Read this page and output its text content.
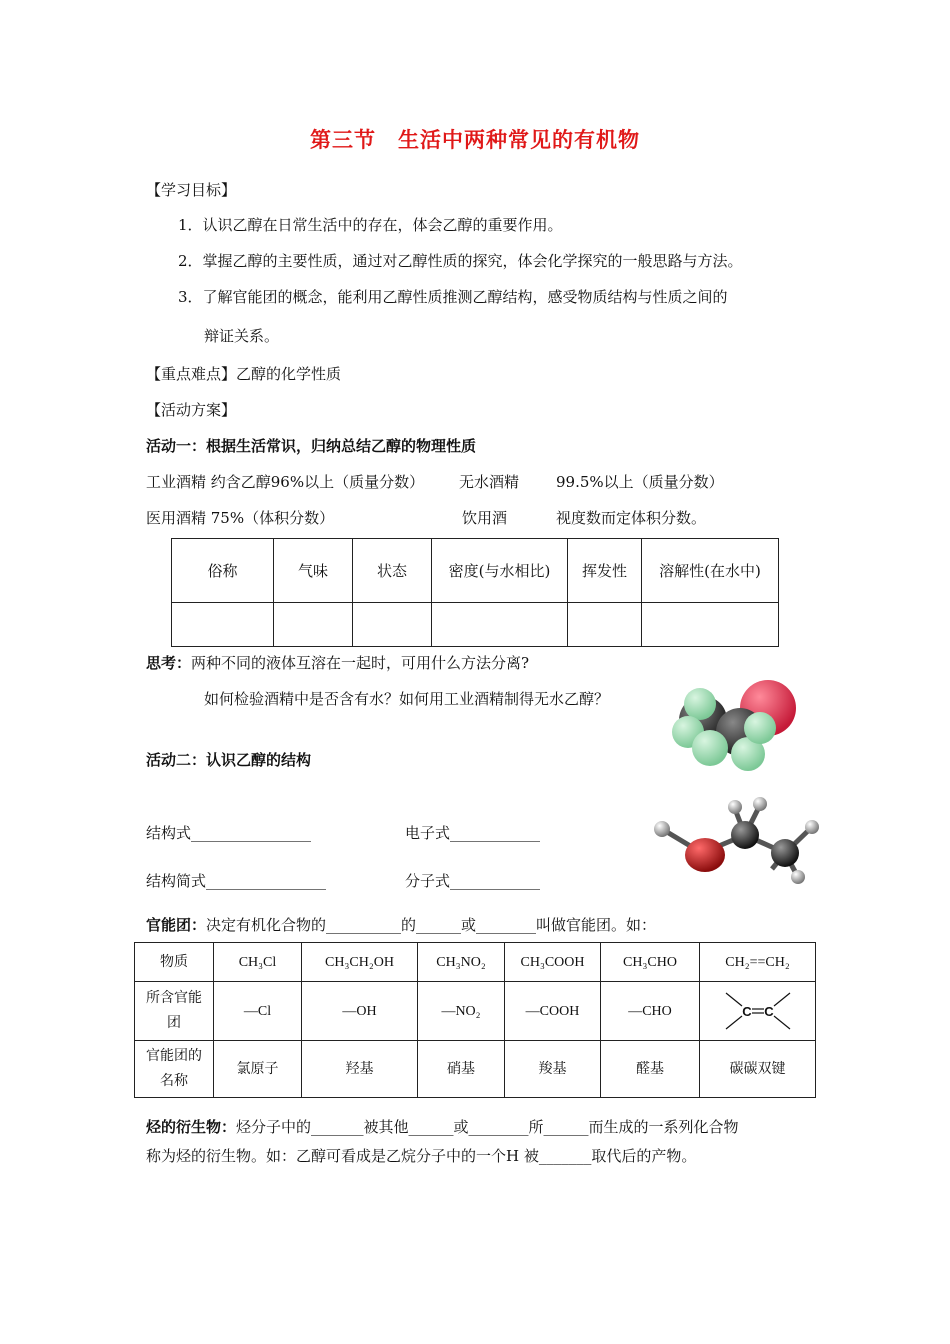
第三节　生活中两种常见的有机物
【学习目标】
1．认识乙醇在日常生活中的存在，体会乙醇的重要作用。
2．掌握乙醇的主要性质，通过对乙醇性质的探究，体会化学探究的一般思路与方法。
3．了解官能团的概念，能利用乙醇性质推测乙醇结构，感受物质结构与性质之间的
辩证关系。
【重点难点】乙醇的化学性质
【活动方案】
活动一：根据生活常识，归纳总结乙醇的物理性质
工业酒精 约含乙醇96%以上（质量分数） 无水酒精 99.5%以上（质量分数）
医用酒精 75%（体积分数）	饮用酒	视度数而定体积分数。
俗称	气味	状态	密度(与水相比)	挥发性	溶解性(在水中)

思考：两种不同的液体互溶在一起时，可用什么方法分离?
如何检验酒精中是否含有水？如何用工业酒精制得无水乙醇？
活动二：认识乙醇的结构
结构式________________	电子式____________
结构简式________________	分子式____________
官能团：决定有机化合物的__________的______或________叫做官能团。如：
物质	CH₃Cl	CH₃CH₂OH	CH₃NO₂	CH₃COOH	CH₃CHO	CH₂==CH₂
所含官能团	—Cl	—OH	—NO₂	—COOH	—CHO	C C

官能团的名称	氯原子	羟基	硝基	羧基	醛基	碳碳双键
烃的衍生物：烃分子中的_______被其他______或________所______而生成的一系列化合物
称为烃的衍生物。如：乙醇可看成是乙烷分子中的一个H 被_______取代后的产物。
